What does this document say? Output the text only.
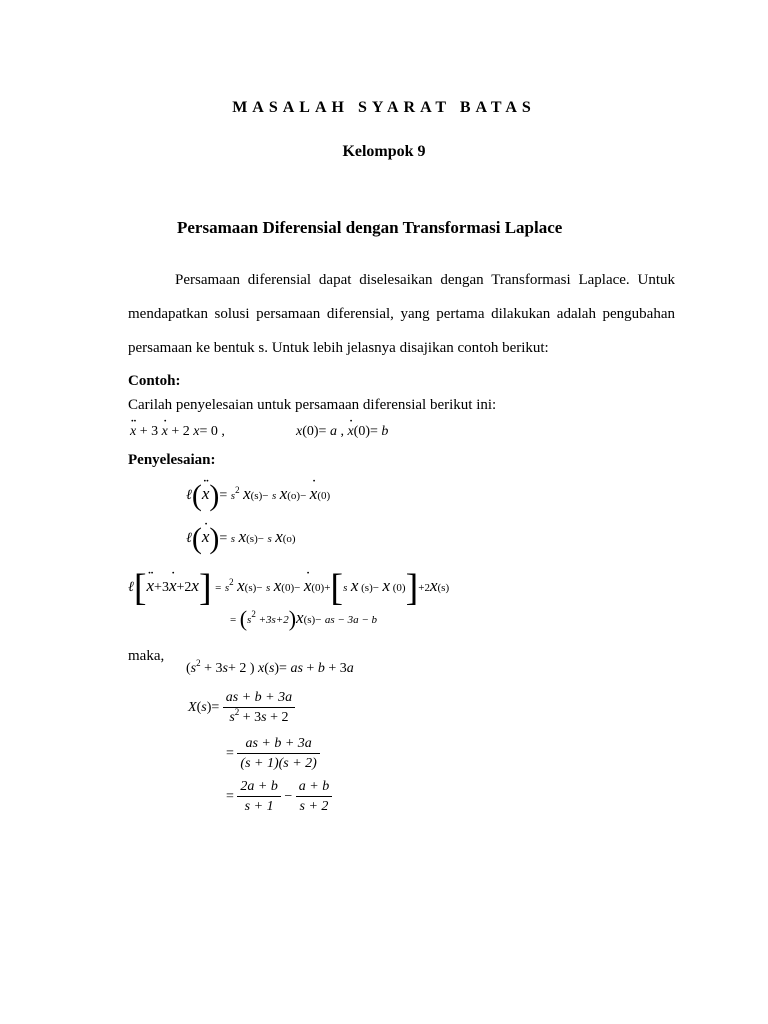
MASALAH SYARAT BATAS
Kelompok 9
Persamaan Diferensial dengan Transformasi Laplace
Persamaan diferensial dapat diselesaikan dengan Transformasi Laplace. Untuk mendapatkan solusi persamaan diferensial, yang pertama dilakukan adalah pengubahan persamaan ke bentuk s. Untuk lebih jelasnya disajikan contoh berikut:
Contoh:
Carilah penyelesaian untuk persamaan diferensial berikut ini:
x
··
+ 3 x
·
+ 2 x= 0 ,	x(0)= a , x
·
(0)= b
Penyelesaian:
ℓ(x
·· )= $s^2$ x(s)− s x(o)− x
·
(0)
ℓ(x
· )= s x(s)− s x(o)
ℓ[x
··
+3x
·
$+2x] = s^2$ x(s)− s x(0)− x
·
(0)+[s x (s)− x (0)]+2x(s)
= $(s^2 +3s+2)x(s)-$ as − 3a − b
maka,
($s^2 + 3s+ 2$ ) x(s)= as + b + 3a
$X(s)= \frac{as + b + 3a}{s^2 + 3s + 2}$
= $\frac{as + b + 3a}{(s + 1)(s + 2)}$
= $\frac{2a + b}{s + 1} - \frac{a + b}{s + 2}$
